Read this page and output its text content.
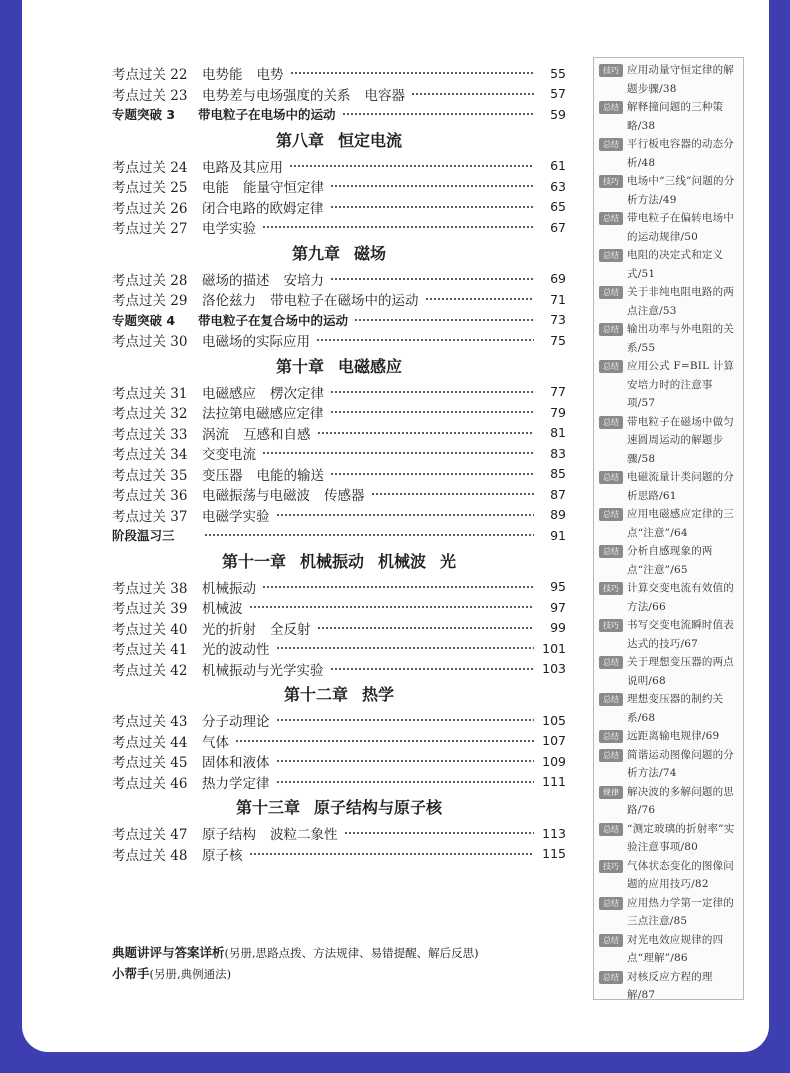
考点过关 22	电势能 电势	55
考点过关 23	电势差与电场强度的关系 电容器	57
专题突破 3	带电粒子在电场中的运动	59
第八章 恒定电流
考点过关 24	电路及其应用	61
考点过关 25	电能 能量守恒定律	63
考点过关 26	闭合电路的欧姆定律	65
考点过关 27	电学实验	67
第九章 磁场
考点过关 28	磁场的描述 安培力	69
考点过关 29	洛伦兹力 带电粒子在磁场中的运动	71
专题突破 4	带电粒子在复合场中的运动	73
考点过关 30	电磁场的实际应用	75
第十章 电磁感应
考点过关 31	电磁感应 楞次定律	77
考点过关 32	法拉第电磁感应定律	79
考点过关 33	涡流 互感和自感	81
考点过关 34	交变电流	83
考点过关 35	变压器 电能的输送	85
考点过关 36	电磁振荡与电磁波 传感器	87
考点过关 37	电磁学实验	89
阶段温习三	91
第十一章 机械振动 机械波 光
考点过关 38	机械振动	95
考点过关 39	机械波	97
考点过关 40	光的折射 全反射	99
考点过关 41	光的波动性	101
考点过关 42	机械振动与光学实验	103
第十二章 热学
考点过关 43	分子动理论	105
考点过关 44	气体	107
考点过关 45	固体和液体	109
考点过关 46	热力学定律	111
第十三章 原子结构与原子核
考点过关 47	原子结构 波粒二象性	113
考点过关 48	原子核	115
典题讲评与答案详析(另册,思路点拨、方法规律、易错提醒、解后反思)
小帮手(另册,典例通法)
技巧 应用动量守恒定律的解题步骤/38
总结 解释撞问题的三种策略/38
总结 平行板电容器的动态分析/48
技巧 电场中“三线”问题的分析方法/49
总结 带电粒子在偏转电场中的运动规律/50
总结 电阻的决定式和定义式/51
总结 关于非纯电阻电路的两点注意/53
总结 输出功率与外电阻的关系/55
总结 应用公式 F=BIL 计算安培力时的注意事项/57
总结 带电粒子在磁场中做匀速圆周运动的解题步骤/58
总结 电磁流量计类问题的分析思路/61
总结 应用电磁感应定律的三点“注意”/64
总结 分析自感现象的两点“注意”/65
技巧 计算交变电流有效值的方法/66
技巧 书写交变电流瞬时值表达式的技巧/67
总结 关于理想变压器的两点说明/68
总结 理想变压器的制约关系/68
总结 远距离输电规律/69
总结 简谐运动图像问题的分析方法/74
规律 解决波的多解问题的思路/76
总结 “测定玻璃的折射率”实验注意事项/80
技巧 气体状态变化的图像问题的应用技巧/82
总结 应用热力学第一定律的三点注意/85
总结 对光电效应规律的四点“理解”/86
总结 对核反应方程的理解/87
